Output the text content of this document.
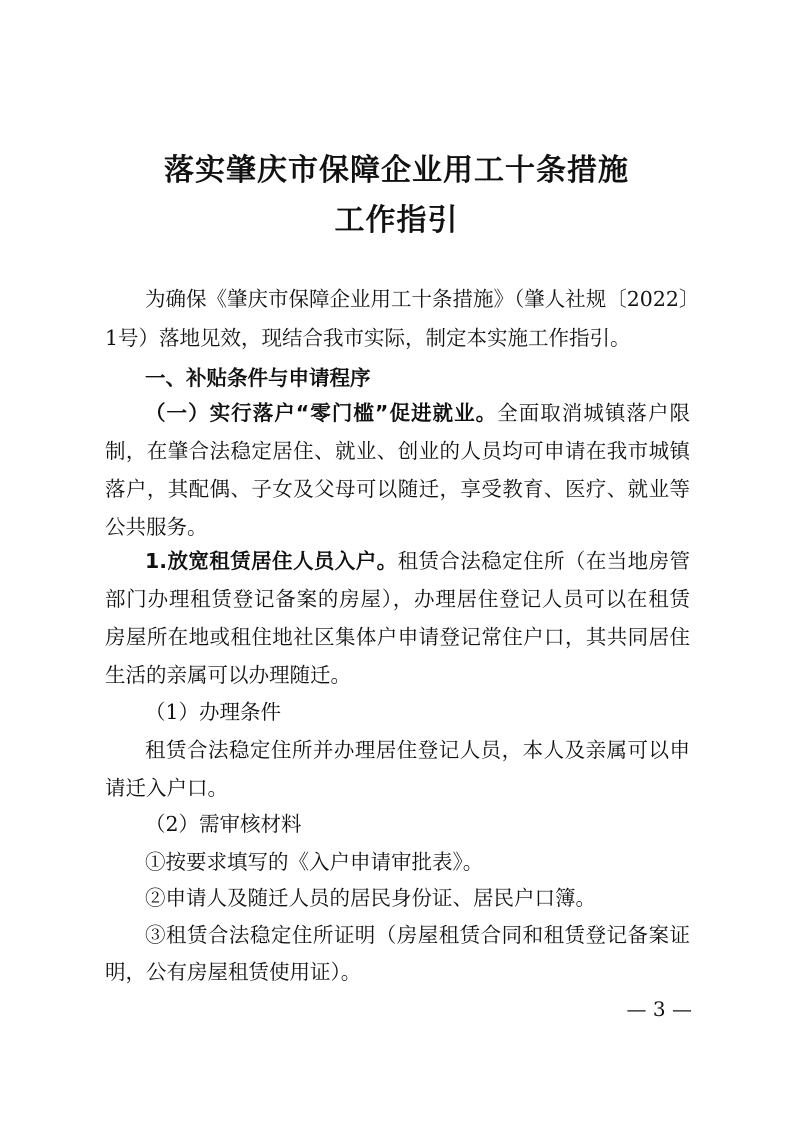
落实肇庆市保障企业用工十条措施
工作指引
为确保《肇庆市保障企业用工十条措施》（肇人社规〔2022〕
1号）落地见效，现结合我市实际，制定本实施工作指引。
一、补贴条件与申请程序
（一）实行落户“零门槛”促进就业。全面取消城镇落户限
制，在肇合法稳定居住、就业、创业的人员均可申请在我市城镇
落户，其配偶、子女及父母可以随迁，享受教育、医疗、就业等
公共服务。
1.放宽租赁居住人员入户。租赁合法稳定住所（在当地房管
部门办理租赁登记备案的房屋），办理居住登记人员可以在租赁
房屋所在地或租住地社区集体户申请登记常住户口，其共同居住
生活的亲属可以办理随迁。
（1）办理条件
租赁合法稳定住所并办理居住登记人员，本人及亲属可以申
请迁入户口。
（2）需审核材料
①按要求填写的《入户申请审批表》。
②申请人及随迁人员的居民身份证、居民户口簿。
③租赁合法稳定住所证明（房屋租赁合同和租赁登记备案证
明，公有房屋租赁使用证）。
— 3 —
